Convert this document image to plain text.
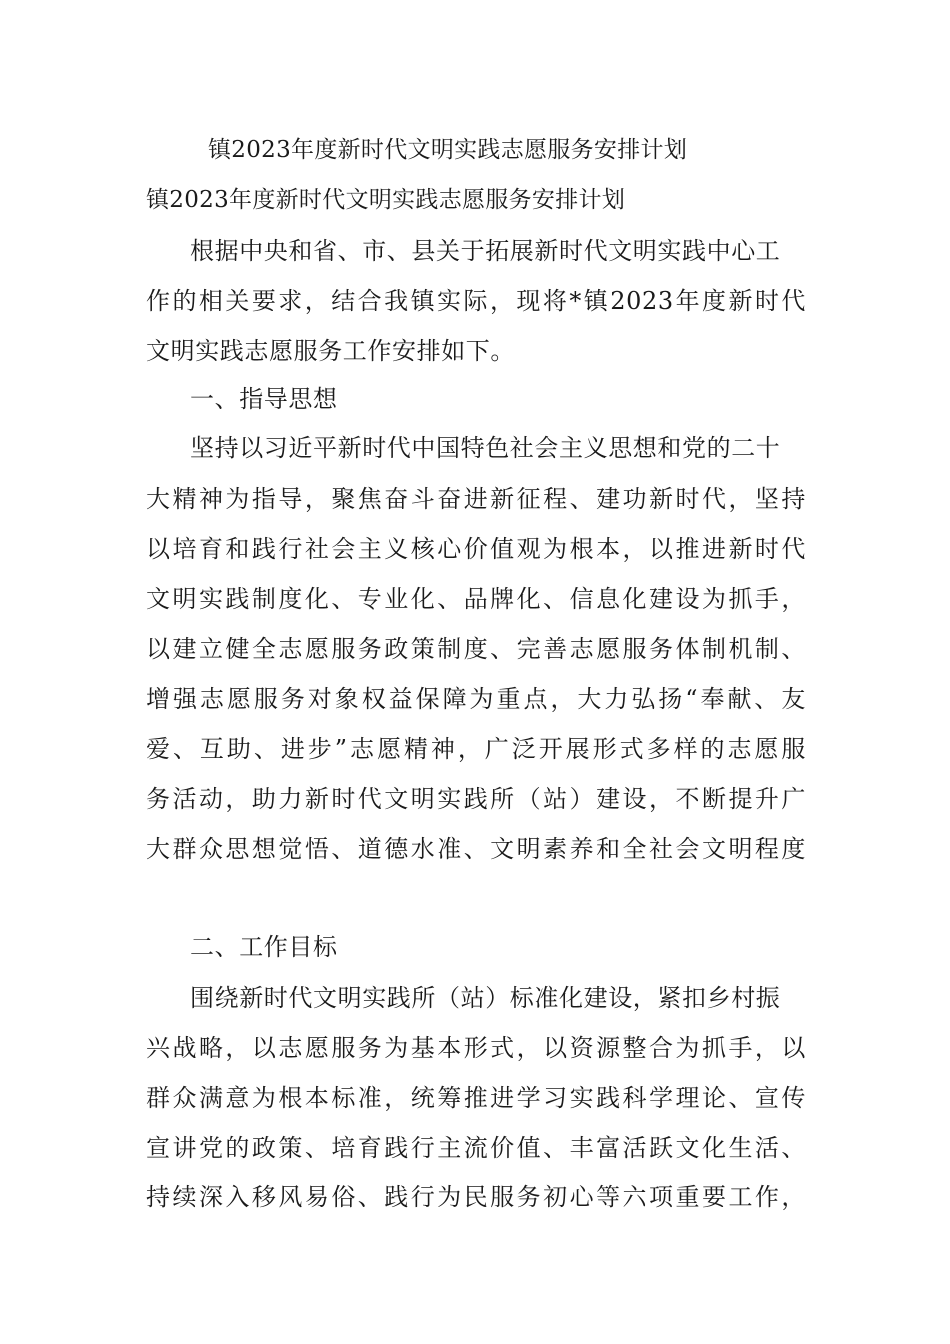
镇2023年度新时代文明实践志愿服务安排计划
镇2023年度新时代文明实践志愿服务安排计划
根据中央和省、市、县关于拓展新时代文明实践中心工
作的相关要求，结合我镇实际，现将*镇2023年度新时代
文明实践志愿服务工作安排如下。
一、指导思想
坚持以习近平新时代中国特色社会主义思想和党的二十
大精神为指导，聚焦奋斗奋进新征程、建功新时代，坚持
以培育和践行社会主义核心价值观为根本，以推进新时代
文明实践制度化、专业化、品牌化、信息化建设为抓手，
以建立健全志愿服务政策制度、完善志愿服务体制机制、
增强志愿服务对象权益保障为重点，大力弘扬“奉献、友
爱、互助、进步”志愿精神，广泛开展形式多样的志愿服
务活动，助力新时代文明实践所（站）建设，不断提升广
大群众思想觉悟、道德水准、文明素养和全社会文明程度
二、工作目标
围绕新时代文明实践所（站）标准化建设，紧扣乡村振
兴战略，以志愿服务为基本形式，以资源整合为抓手，以
群众满意为根本标准，统筹推进学习实践科学理论、宣传
宣讲党的政策、培育践行主流价值、丰富活跃文化生活、
持续深入移风易俗、践行为民服务初心等六项重要工作，
